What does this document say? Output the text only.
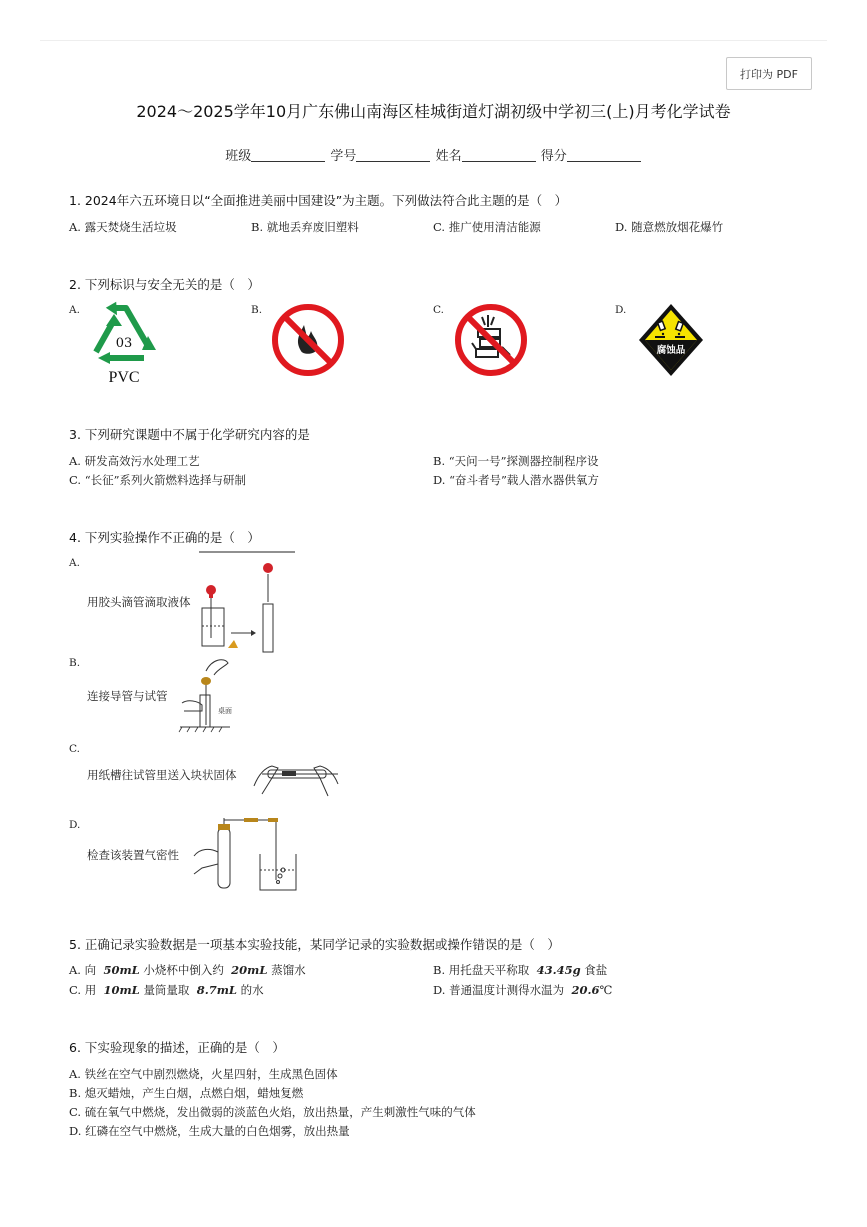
打印为 PDF
2024～2025学年10月广东佛山南海区桂城街道灯湖初级中学初三(上)月考化学试卷
班级	学号	姓名	得分
1. 2024年六五环境日以“全面推进美丽中国建设”为主题。下列做法符合此主题的是（　）
A. 露天焚烧生活垃圾	B. 就地丢弃废旧塑料	C. 推广使用清洁能源	D. 随意燃放烟花爆竹
2. 下列标识与安全无关的是（　）
A.	B.	C.	D.
03
PVC
腐蚀品
3. 下列研究课题中不属于化学研究内容的是
A. 研发高效污水处理工艺	B. “天问一号”探测器控制程序设
C. “长征”系列火箭燃料选择与研制	D. “奋斗者号”载人潜水器供氧方
4. 下列实验操作不正确的是（　）
A.
用胶头滴管滴取液体
B.
连接导管与试管
桌面
C.
用纸槽往试管里送入块状固体
D.
检查该装置气密性
5. 正确记录实验数据是一项基本实验技能，某同学记录的实验数据或操作错误的是（　）
A. 向 50mL 小烧杯中倒入约 20mL 蒸馏水	B. 用托盘天平称取 43.45g 食盐
C. 用 10mL 量筒量取 8.7mL 的水	D. 普通温度计测得水温为 20.6℃
6. 下实验现象的描述，正确的是（　）
A. 铁丝在空气中剧烈燃烧，火星四射，生成黑色固体
B. 熄灭蜡烛，产生白烟，点燃白烟，蜡烛复燃
C. 硫在氧气中燃烧，发出微弱的淡蓝色火焰，放出热量，产生刺激性气味的气体
D. 红磷在空气中燃烧，生成大量的白色烟雾，放出热量
